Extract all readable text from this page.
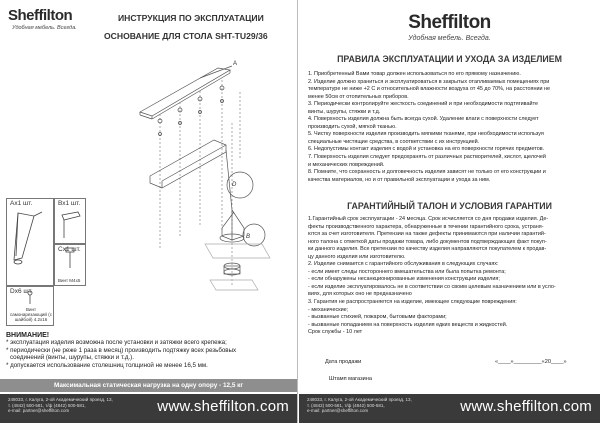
Sheffilton
Удобная мебель. Всегда.
ИНСТРУКЦИЯ ПО ЭКСПЛУАТАЦИИ
ОСНОВАНИЕ ДЛЯ СТОЛА SHT-TU29/36
А
D
B
Ах1 шт.	Вх1 шт.
Сх1 шт.
Dх6 шт.
Винт М4х5
Винт самонарезающий (с шайбой) 4.2х16
ВНИМАНИЕ!
* эксплуатация изделия возможна после установки и затяжки всего крепежа;
* периодически (не реже 1 раза в месяц) производить подтяжку всех резьбовых
соединений (винты, шурупы, стяжки и т.д.).
* допускается использование столешниц толщиной не менее 16,5 мм.
Максимальная статическая нагрузка на одну опору - 12,5 кг
248033, г. Калуга, 2-ой Академический проезд, 13,
т. (4842) 500-581, т/ф (4842) 500-581,
e-mail: partner@sheffilton.com	www.sheffilton.com
Sheffilton
Удобная мебель. Всегда.
ПРАВИЛА ЭКСПЛУАТАЦИИ И УХОДА ЗА ИЗДЕЛИЕМ

1. Приобретенный Вами товар должен использоваться по его прямому назначению.

2. Изделие должно храниться и эксплуатироваться в закрытых отапливаемых помещениях при

температуре не ниже +2 С и относительной влажности воздуха от 45 до 70%, на расстоянии не

менее 50см от отопительных приборов.

3. Периодически контролируйте жесткость соединений и при необходимости подтягивайте

винты, шурупы, стяжки и т.д.

4. Поверхность изделия должна быть всегда сухой. Удаление влаги с поверхности следует

производить сухой, мягкой тканью.

5. Чистку поверхности изделия производить мягкими тканями, при необходимости используя

специальные чистящие средства, в соответствии с их инструкцией.

6. Недопустимы контакт изделия с водой и установка на его поверхности горячих предметов.

7. Поверхность изделия следует предохранять от различных растворителей, кислот, щелочей

и механических повреждений.

8. Помните, что сохранность и долговечность изделия зависят не только от его конструкции и

качества материалов, но и от правильной эксплуатации и ухода за ним.

ГАРАНТИЙНЫЙ ТАЛОН И УСЛОВИЯ ГАРАНТИИ

1.Гарантийный срок эксплуатации - 24 месяца. Срок исчисляется со дня продажи изделия. Де-

фекты производственного характера, обнаруженные в течении гарантийного срока, устраня-

ются за счет изготовителя. Претензии на также дефекты принимаются при наличии гарантий-

ного талона с отметкой даты продажи товара, либо документов подтверждающих факт покуп-

ки данного изделия. Все претензии по качеству изделия направляются покупателем к продав-

цу данного изделия или изготовителю.

2. Изделие снимается с гарантийного обслуживания в следующих случаях:

- если имеет следы постороннего вмешательства или была попытка ремонта;

- если обнаружены несанкционированные изменения конструкции изделия;

- если изделие эксплуатировалось не в соответствии со своим целевым назначением или в усло-

виях, для которых оно не предназначено

3. Гарантия не распространяется на изделие, имеющее следующие повреждения:

- механические;

- вызванные стихией, пожаром, бытовыми факторами;

- вызванные попаданием на поверхность изделия едких веществ и жидкостей.

Срок службы - 10 лет

Дата продажи	«____»_________«20____»
Штамп магазина
248033, г. Калуга, 2-ой Академический проезд, 13,
т. (4842) 500-581, т/ф (4842) 500-581,
e-mail: partner@sheffilton.com	www.sheffilton.com
